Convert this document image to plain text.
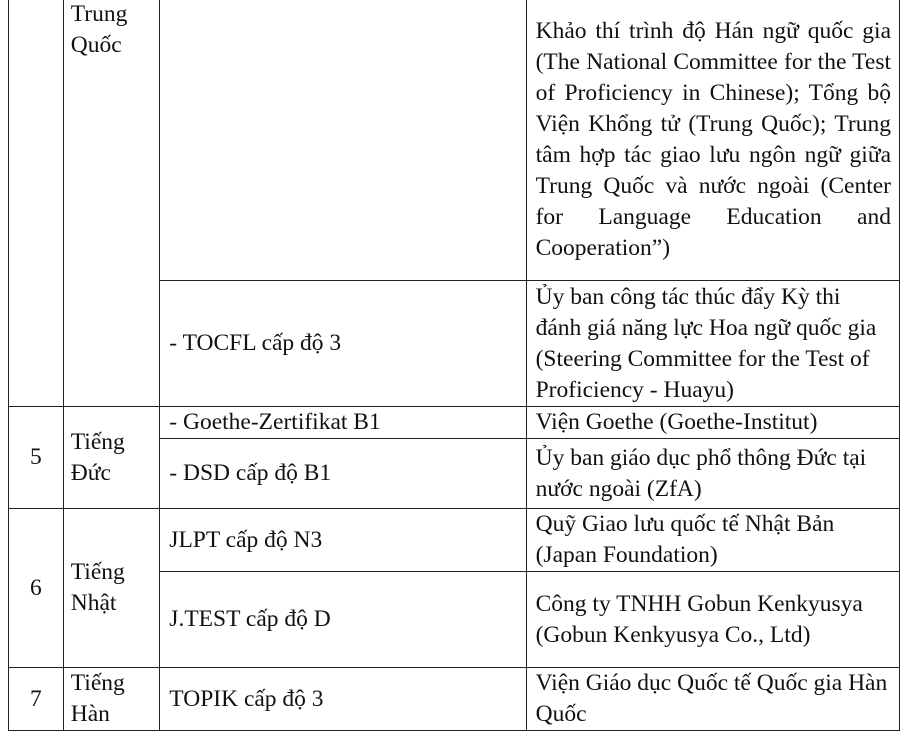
	Trung Quốc		Khảo thí trình độ Hán ngữ quốc gia (The National Committee for the Test of Proficiency in Chinese); Tổng bộ Viện Khổng tử (Trung Quốc); Trung tâm hợp tác giao lưu ngôn ngữ giữa Trung Quốc và nước ngoài (Center for Language Education and Cooperation”)
		- TOCFL cấp độ 3	Ủy ban công tác thúc đẩy Kỳ thi đánh giá năng lực Hoa ngữ quốc gia (Steering Committee for the Test of Proficiency - Huayu)
5	Tiếng Đức	- Goethe-Zertifikat B1	Viện Goethe (Goethe-Institut)
		- DSD cấp độ B1	Ủy ban giáo dục phổ thông Đức tại nước ngoài (ZfA)
6	Tiếng Nhật	JLPT cấp độ N3	Quỹ Giao lưu quốc tế Nhật Bản (Japan Foundation)
		J.TEST cấp độ D	Công ty TNHH Gobun Kenkyusya (Gobun Kenkyusya Co., Ltd)
7	Tiếng Hàn	TOPIK cấp độ 3	Viện Giáo dục Quốc tế Quốc gia Hàn Quốc
